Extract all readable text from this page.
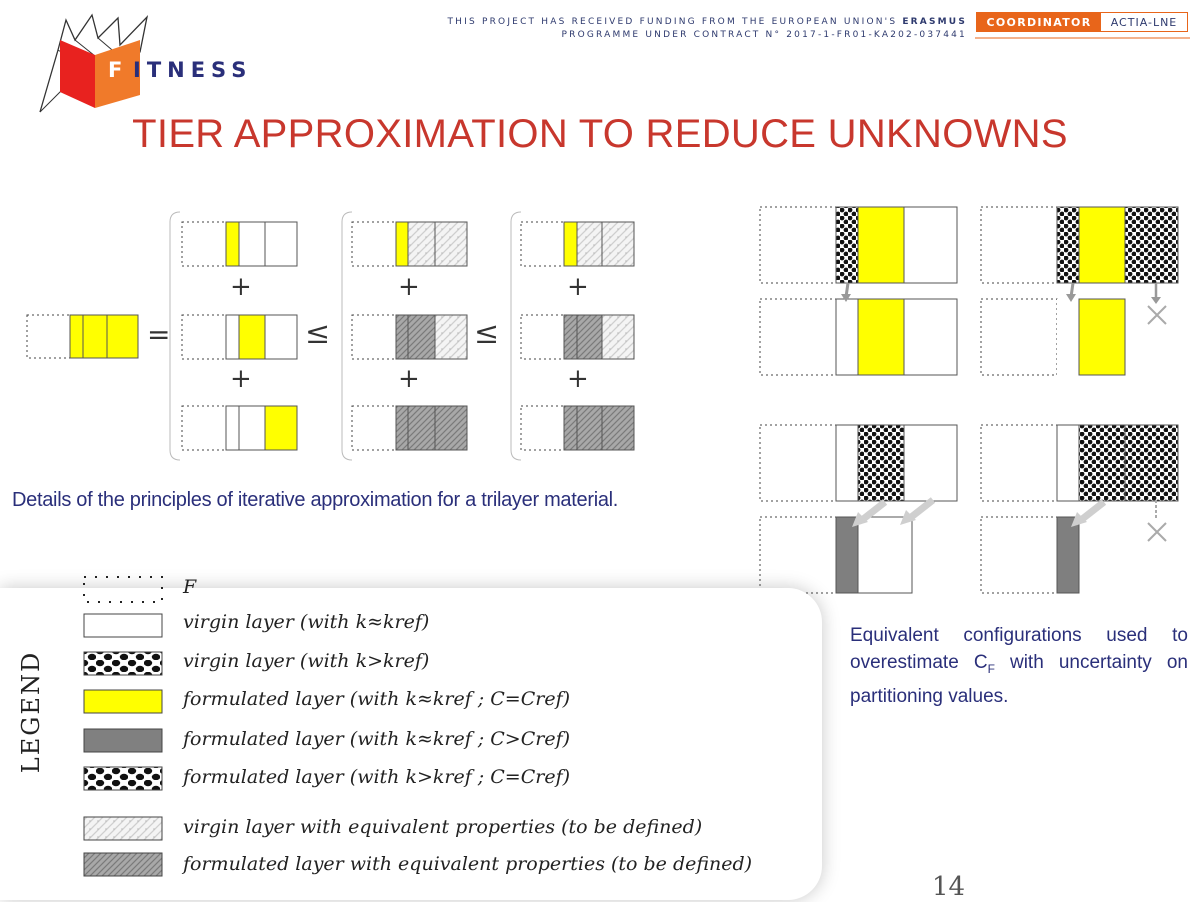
THIS PROJECT HAS RECEIVED FUNDING FROM THE EUROPEAN UNION'S ERASMUS
PROGRAMME UNDER CONTRACT N° 2017-1-FR01-KA202-037441
COORDINATOR	ACTIA-LNE
F ITNESS
TIER APPROXIMATION TO REDUCE UNKNOWNS
=	≤	≤
+
+
+
+
+
+
Details of the principles of iterative approximation for a trilayer material.
Equivalent configurations used to overestimate $C_F$ with uncertainty on partitioning values.
LEGEND
F
virgin layer (with k≈kref)
virgin layer (with k>kref)
formulated layer (with k≈kref ; C=Cref)
formulated layer (with k≈kref ; C>Cref)
formulated layer (with k>kref ; C=Cref)
virgin layer with equivalent properties (to be defined)
formulated layer with equivalent properties (to be defined)
14
